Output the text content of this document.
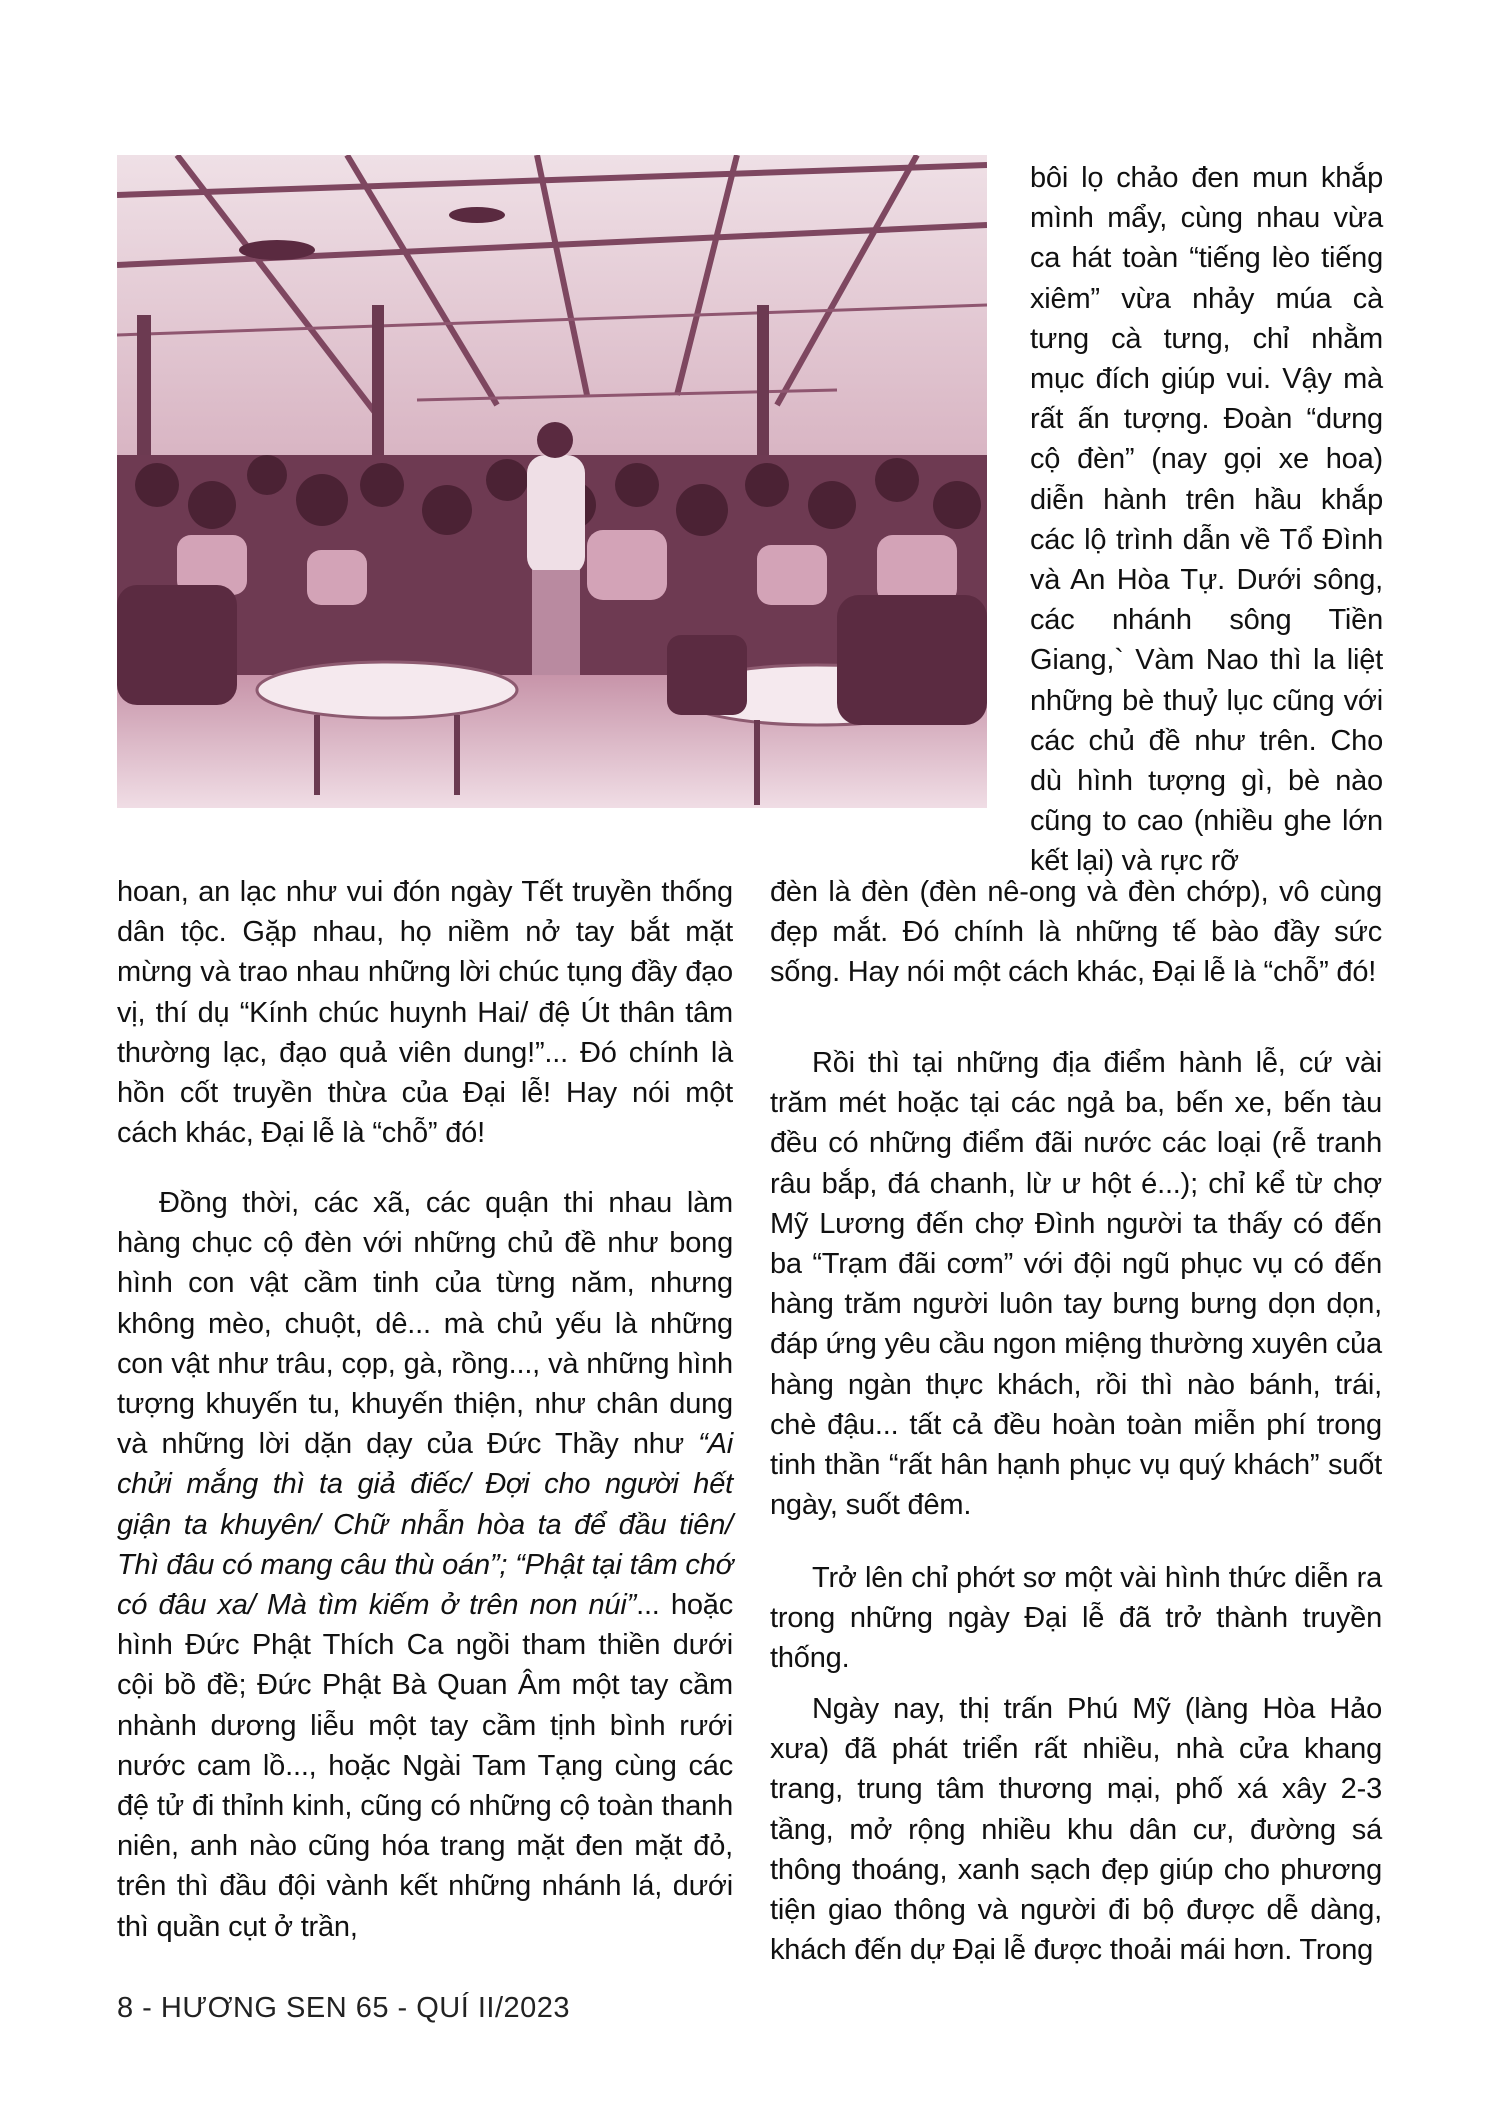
bôi lọ chảo đen mun khắp mình mẩy, cùng nhau vừa ca hát toàn “tiếng lèo tiếng xiêm” vừa nhảy múa cà tưng cà tưng, chỉ nhằm mục đích giúp vui. Vậy mà rất ấn tượng. Đoàn “dưng cộ đèn” (nay gọi xe hoa) diễn hành trên hầu khắp các lộ trình dẫn về Tổ Đình và An Hòa Tự. Dưới sông, các nhánh sông Tiền Giang,` Vàm Nao thì la liệt những bè thuỷ lục cũng với các chủ đề như trên. Cho dù hình tượng gì, bè nào cũng to cao (nhiều ghe lớn kết lại) và rực rỡ

hoan, an lạc như vui đón ngày Tết truyền thống dân tộc. Gặp nhau, họ niềm nở tay bắt mặt mừng và trao nhau những lời chúc tụng đầy đạo vị, thí dụ “Kính chúc huynh Hai/ đệ Út thân tâm thường lạc, đạo quả viên dung!”... Đó chính là hồn cốt truyền thừa của Đại lễ! Hay nói một cách khác, Đại lễ là “chỗ” đó!

Đồng thời, các xã, các quận thi nhau làm hàng chục cộ đèn với những chủ đề như bong hình con vật cầm tinh của từng năm, nhưng không mèo, chuột, dê... mà chủ yếu là những con vật như trâu, cọp, gà, rồng..., và những hình tượng khuyến tu, khuyến thiện, như chân dung và những lời dặn dạy của Đức Thầy như “Ai chửi mắng thì ta giả điếc/ Đợi cho người hết giận ta khuyên/ Chữ nhẫn hòa ta để đầu tiên/ Thì đâu có mang câu thù oán”; “Phật tại tâm chớ có đâu xa/ Mà tìm kiếm ở trên non núi”... hoặc hình Đức Phật Thích Ca ngồi tham thiền dưới cội bồ đề; Đức Phật Bà Quan Âm một tay cầm nhành dương liễu một tay cầm tịnh bình rưới nước cam lồ..., hoặc Ngài Tam Tạng cùng các đệ tử đi thỉnh kinh, cũng có những cộ toàn thanh niên, anh nào cũng hóa trang mặt đen mặt đỏ, trên thì đầu đội vành kết những nhánh lá, dưới thì quần cụt ở trần,

đèn là đèn (đèn nê-ong và đèn chớp), vô cùng đẹp mắt. Đó chính là những tế bào đầy sức sống. Hay nói một cách khác, Đại lễ là “chỗ” đó!

Rồi thì tại những địa điểm hành lễ, cứ vài trăm mét hoặc tại các ngả ba, bến xe, bến tàu đều có những điểm đãi nước các loại (rễ tranh râu bắp, đá chanh, lừ ư hột é...); chỉ kể từ chợ Mỹ Lương đến chợ Đình người ta thấy có đến ba “Trạm đãi cơm” với đội ngũ phục vụ có đến hàng trăm người luôn tay bưng bưng dọn dọn, đáp ứng yêu cầu ngon miệng thường xuyên của hàng ngàn thực khách, rồi thì nào bánh, trái, chè đậu... tất cả đều hoàn toàn miễn phí trong tinh thần “rất hân hạnh phục vụ quý khách” suốt ngày, suốt đêm.

Trở lên chỉ phớt sơ một vài hình thức diễn ra trong những ngày Đại lễ đã trở thành truyền thống.

Ngày nay, thị trấn Phú Mỹ (làng Hòa Hảo xưa) đã phát triển rất nhiều, nhà cửa khang trang, trung tâm thương mại, phố xá xây 2-3 tầng, mở rộng nhiều khu dân cư, đường sá thông thoáng, xanh sạch đẹp giúp cho phương tiện giao thông và người đi bộ được dễ dàng, khách đến dự Đại lễ được thoải mái hơn. Trong

8 - HƯƠNG SEN 65 - QUÍ II/2023
